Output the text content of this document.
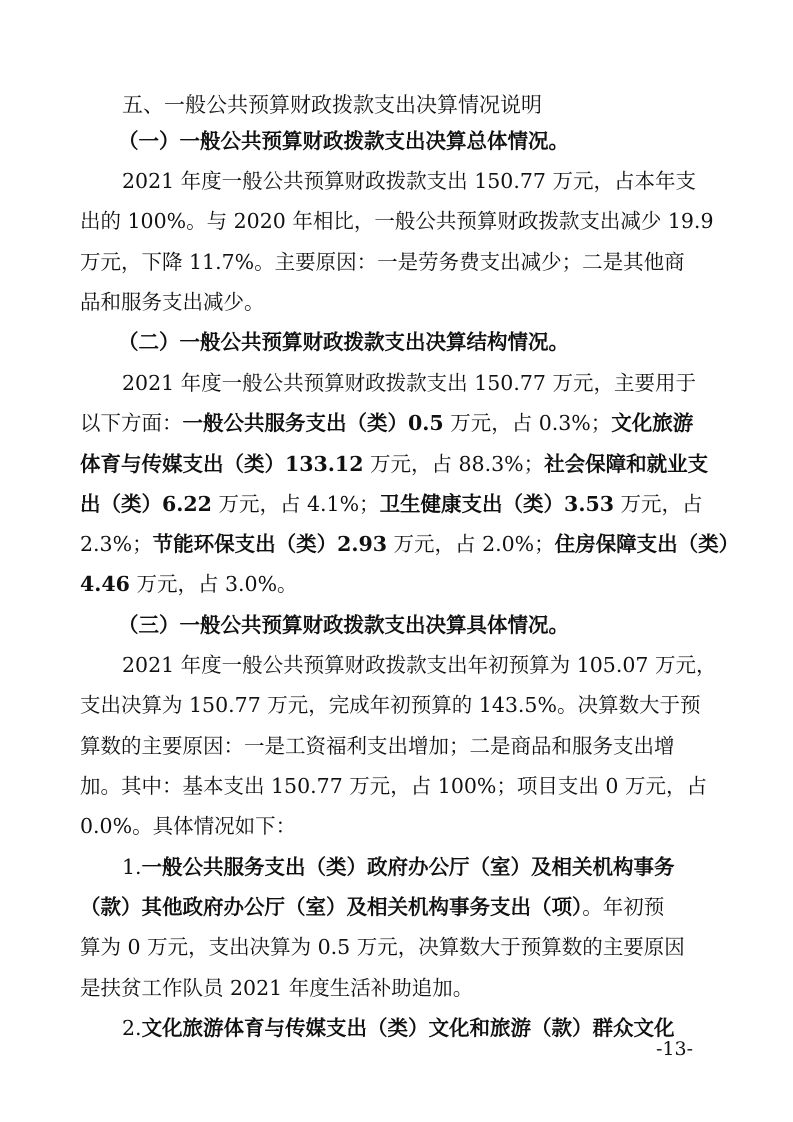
五、一般公共预算财政拨款支出决算情况说明
（一）一般公共预算财政拨款支出决算总体情况。
2021 年度一般公共预算财政拨款支出 150.77 万元，占本年支
出的 100%。与 2020 年相比，一般公共预算财政拨款支出减少 19.9
万元，下降 11.7%。主要原因：一是劳务费支出减少；二是其他商
品和服务支出减少。
（二）一般公共预算财政拨款支出决算结构情况。
2021 年度一般公共预算财政拨款支出 150.77 万元，主要用于
以下方面：一般公共服务支出（类）0.5 万元，占 0.3%；文化旅游
体育与传媒支出（类）133.12 万元，占 88.3%；社会保障和就业支
出（类）6.22 万元，占 4.1%；卫生健康支出（类）3.53 万元，占
2.3%；节能环保支出（类）2.93 万元，占 2.0%；住房保障支出（类）
4.46 万元，占 3.0%。
（三）一般公共预算财政拨款支出决算具体情况。
2021 年度一般公共预算财政拨款支出年初预算为 105.07 万元，
支出决算为 150.77 万元，完成年初预算的 143.5%。决算数大于预
算数的主要原因：一是工资福利支出增加；二是商品和服务支出增
加。其中：基本支出 150.77 万元，占 100%；项目支出 0 万元，占
0.0%。具体情况如下：
1.一般公共服务支出（类）政府办公厅（室）及相关机构事务
（款）其他政府办公厅（室）及相关机构事务支出（项）。年初预
算为 0 万元，支出决算为 0.5 万元，决算数大于预算数的主要原因
是扶贫工作队员 2021 年度生活补助追加。
2.文化旅游体育与传媒支出（类）文化和旅游（款）群众文化
-13-
